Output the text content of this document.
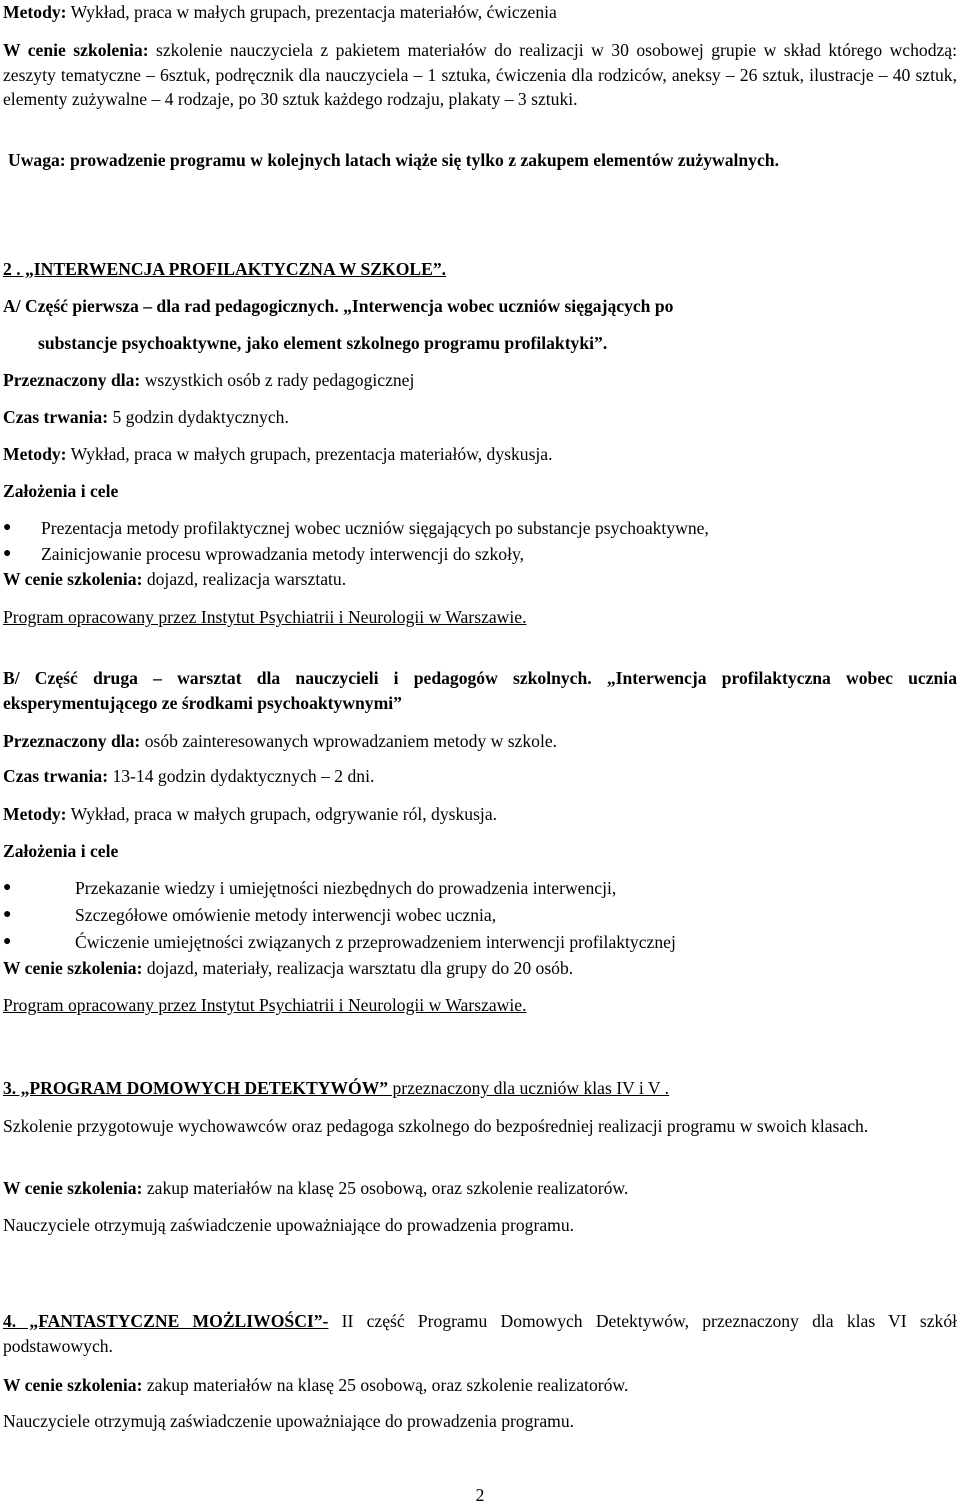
Metody: Wykład, praca w małych grupach, prezentacja materiałów, ćwiczenia

W cenie szkolenia: szkolenie nauczyciela z pakietem materiałów do realizacji w 30 osobowej grupie w skład którego wchodzą: zeszyty tematyczne – 6sztuk, podręcznik dla nauczyciela – 1 sztuka, ćwiczenia dla rodziców, aneksy – 26 sztuk, ilustracje – 40 sztuk, elementy zużywalne – 4 rodzaje, po 30 sztuk każdego rodzaju, plakaty – 3 sztuki.

Uwaga: prowadzenie programu w kolejnych latach wiąże się tylko z zakupem elementów zużywalnych.

2 . „INTERWENCJA PROFILAKTYCZNA W SZKOLE”.

A/ Część pierwsza – dla rad pedagogicznych. „Interwencja wobec uczniów sięgających po

substancje psychoaktywne, jako element szkolnego programu profilaktyki”.

Przeznaczony dla: wszystkich osób z rady pedagogicznej

Czas trwania: 5 godzin dydaktycznych.

Metody: Wykład, praca w małych grupach, prezentacja materiałów, dyskusja.

Założenia i cele

● Prezentacja metody profilaktycznej wobec uczniów sięgających po substancje psychoaktywne,
● Zainicjowanie procesu wprowadzania metody interwencji do szkoły,

W cenie szkolenia: dojazd, realizacja warsztatu.

Program opracowany przez Instytut Psychiatrii i Neurologii w Warszawie.

B/ Część druga – warsztat dla nauczycieli i pedagogów szkolnych. „Interwencja profilaktyczna wobec ucznia eksperymentującego ze środkami psychoaktywnymi”

Przeznaczony dla: osób zainteresowanych wprowadzaniem metody w szkole.

Czas trwania: 13-14 godzin dydaktycznych – 2 dni.

Metody: Wykład, praca w małych grupach, odgrywanie ról, dyskusja.

Założenia i cele

●	Przekazanie wiedzy i umiejętności niezbędnych do prowadzenia interwencji,
●	Szczegółowe omówienie metody interwencji wobec ucznia,
●	Ćwiczenie umiejętności związanych z przeprowadzeniem interwencji profilaktycznej

W cenie szkolenia: dojazd, materiały, realizacja warsztatu dla grupy do 20 osób.

Program opracowany przez Instytut Psychiatrii i Neurologii w Warszawie.

3. „PROGRAM DOMOWYCH DETEKTYWÓW” przeznaczony dla uczniów klas IV i V .

Szkolenie przygotowuje wychowawców oraz pedagoga szkolnego do bezpośredniej realizacji programu w swoich klasach.

W cenie szkolenia: zakup materiałów na klasę 25 osobową, oraz szkolenie realizatorów.

Nauczyciele otrzymują zaświadczenie upoważniające do prowadzenia programu.

4. „FANTASTYCZNE MOŻLIWOŚCI”- II część Programu Domowych Detektywów, przeznaczony dla klas VI szkół podstawowych.

W cenie szkolenia: zakup materiałów na klasę 25 osobową, oraz szkolenie realizatorów.

Nauczyciele otrzymują zaświadczenie upoważniające do prowadzenia programu.

2
